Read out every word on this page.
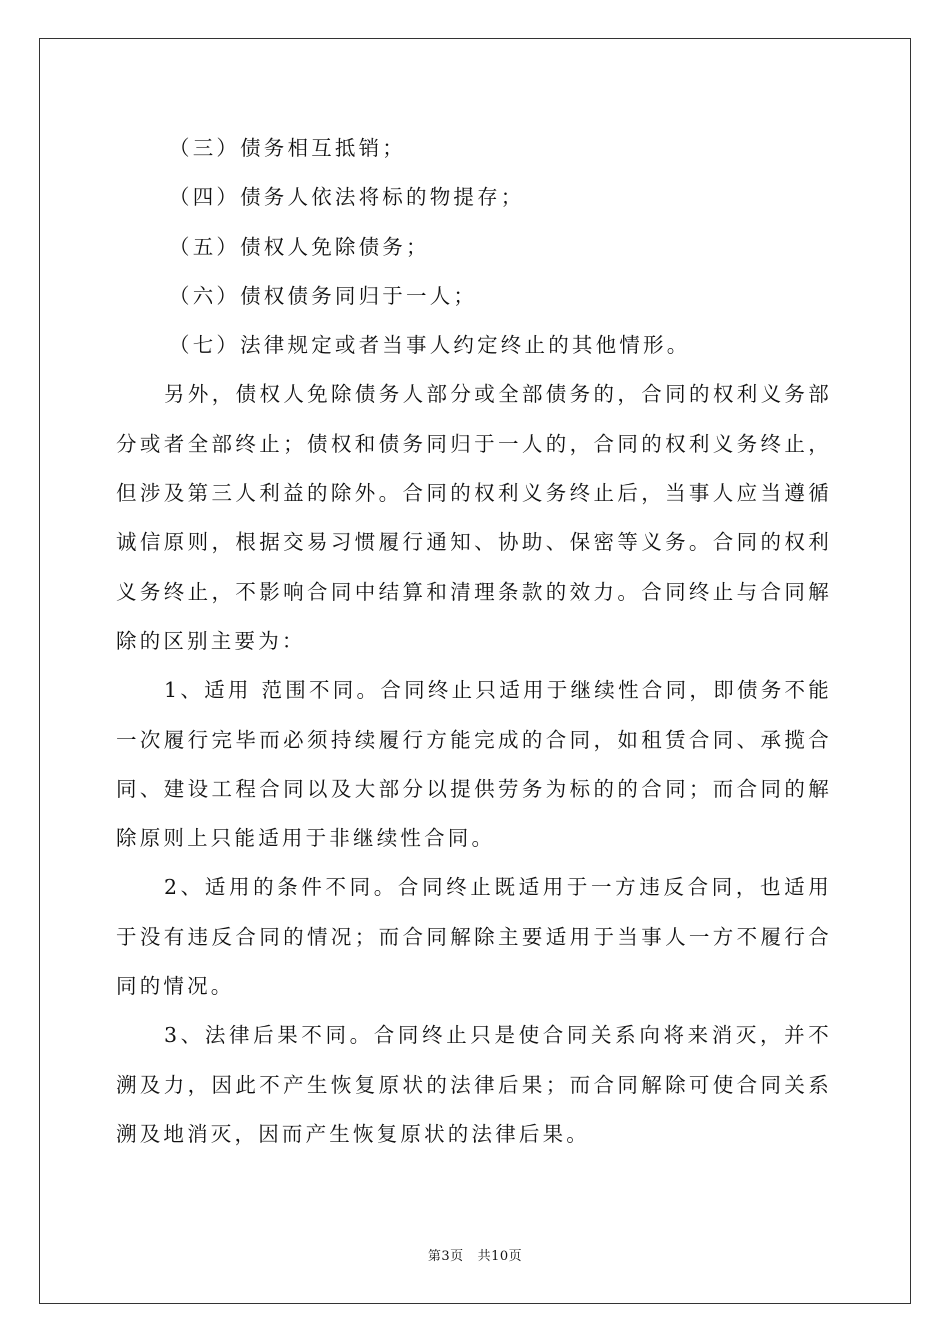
（三）债务相互抵销；

（四）债务人依法将标的物提存；

（五）债权人免除债务；

（六）债权债务同归于一人；

（七）法律规定或者当事人约定终止的其他情形。

另外，债权人免除债务人部分或全部债务的，合同的权利义务部分或者全部终止；债权和债务同归于一人的，合同的权利义务终止，但涉及第三人利益的除外。合同的权利义务终止后，当事人应当遵循诚信原则，根据交易习惯履行通知、协助、保密等义务。合同的权利义务终止，不影响合同中结算和清理条款的效力。合同终止与合同解除的区别主要为：

1、适用 范围不同。合同终止只适用于继续性合同，即债务不能一次履行完毕而必须持续履行方能完成的合同，如租赁合同、承揽合同、建设工程合同以及大部分以提供劳务为标的的合同；而合同的解除原则上只能适用于非继续性合同。

2、适用的条件不同。合同终止既适用于一方违反合同，也适用于没有违反合同的情况；而合同解除主要适用于当事人一方不履行合同的情况。

3、法律后果不同。合同终止只是使合同关系向将来消灭，并不溯及力，因此不产生恢复原状的法律后果；而合同解除可使合同关系溯及地消灭，因而产生恢复原状的法律后果。

第3页 共10页
